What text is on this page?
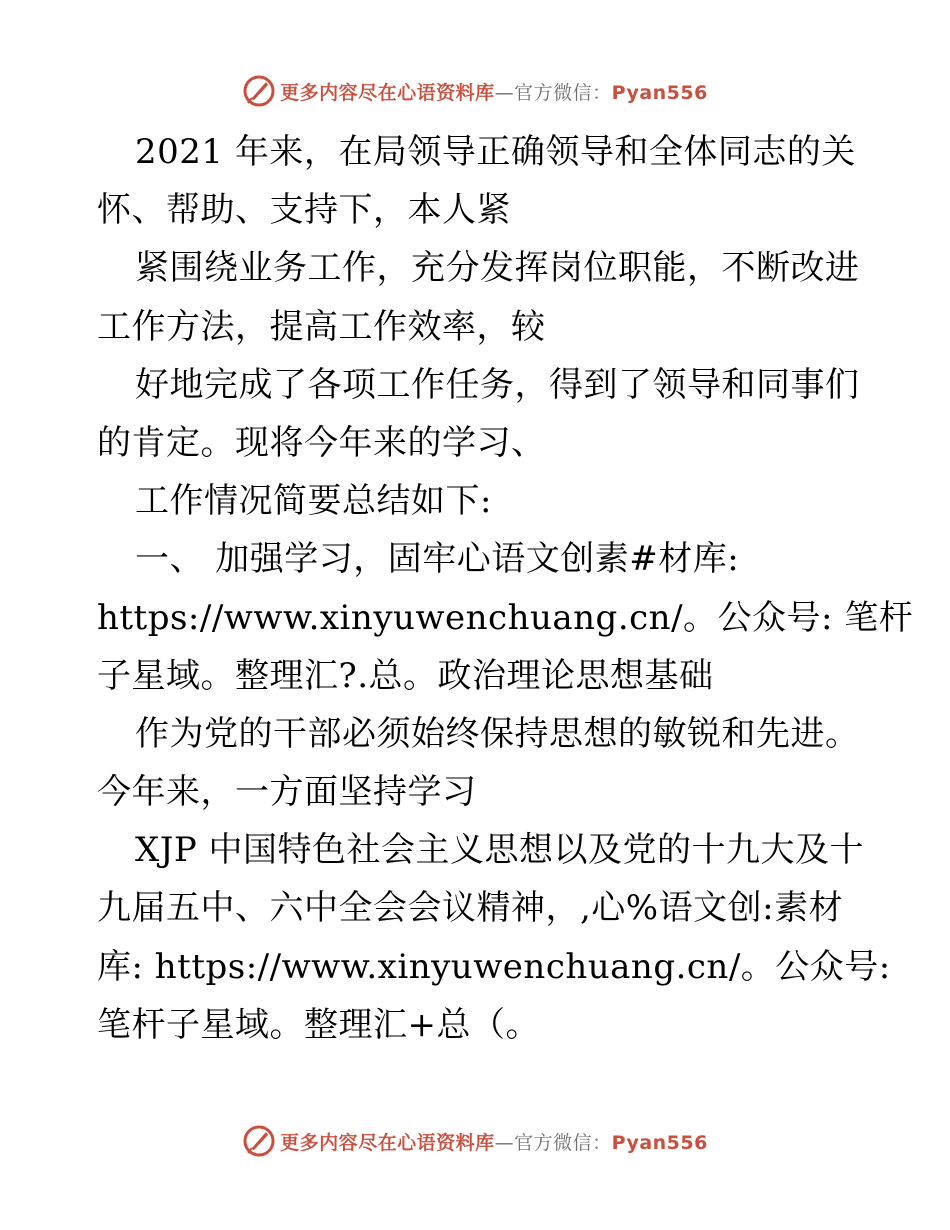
更多内容尽在心语资料库—官方微信：Pyan556
2021 年来，在局领导正确领导和全体同志的关
怀、帮助、支持下，本人紧
紧围绕业务工作，充分发挥岗位职能，不断改进
工作方法，提高工作效率，较
好地完成了各项工作任务，得到了领导和同事们
的肯定。现将今年来的学习、
工作情况简要总结如下:
一、 加强学习，固牢心语文创素#材库:
https://www.xinyuwenchuang.cn/。公众号: 笔杆
子星域。整理汇?.总。政治理论思想基础
作为党的干部必须始终保持思想的敏锐和先进。
今年来，一方面坚持学习
XJP 中国特色社会主义思想以及党的十九大及十
九届五中、六中全会会议精神，,心%语文创:素材
库: https://www.xinyuwenchuang.cn/。公众号:
笔杆子星域。整理汇+总（。
更多内容尽在心语资料库—官方微信：Pyan556
